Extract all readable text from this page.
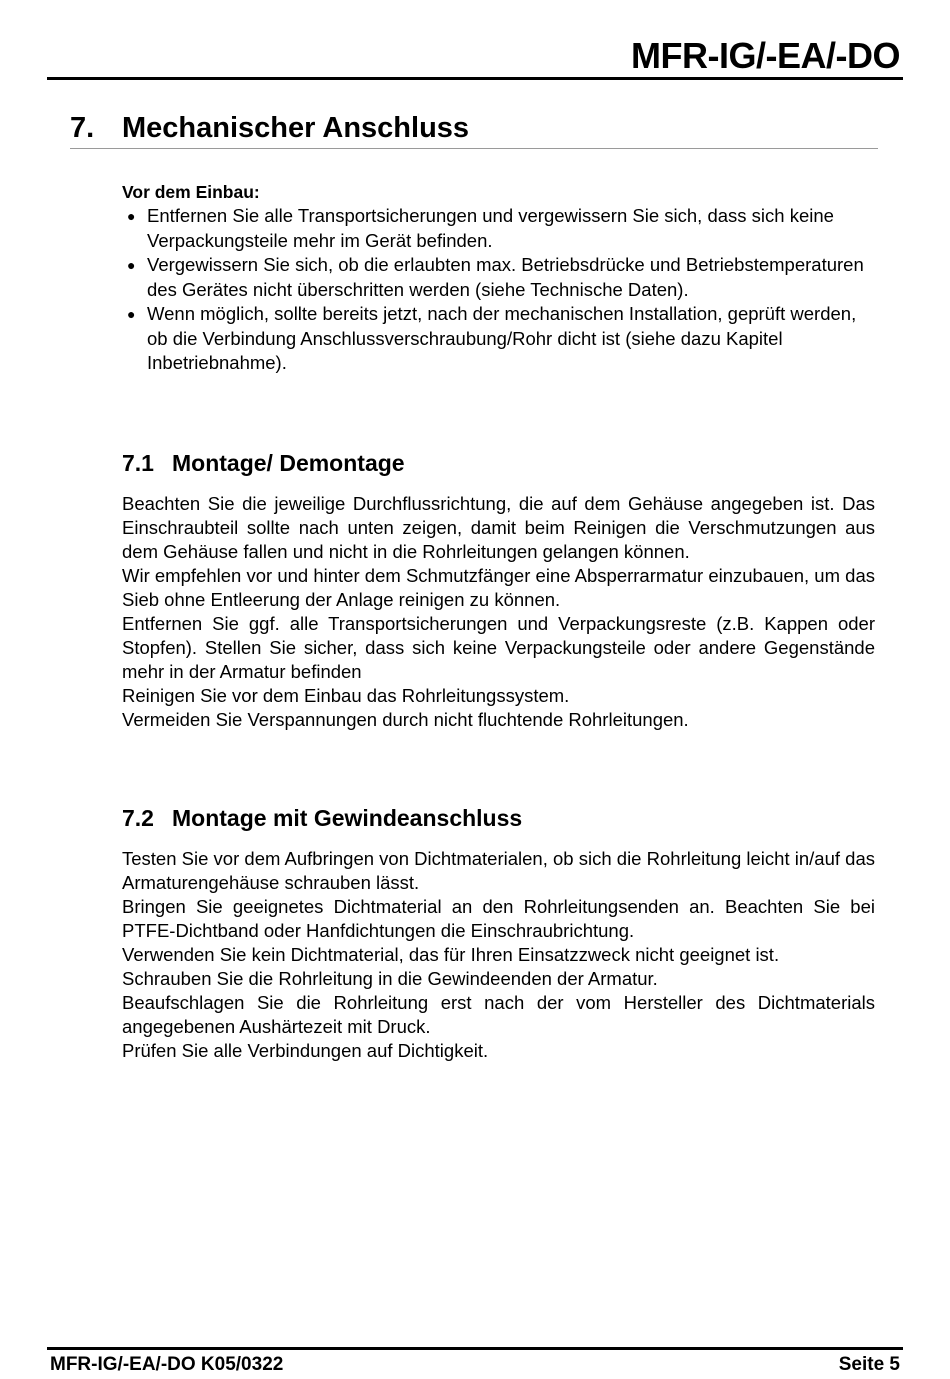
MFR-IG/-EA/-DO
7. Mechanischer Anschluss
Vor dem Einbau:
● Entfernen Sie alle Transportsicherungen und vergewissern Sie sich, dass sich keine Verpackungsteile mehr im Gerät befinden.
● Vergewissern Sie sich, ob die erlaubten max. Betriebsdrücke und Betriebstemperaturen des Gerätes nicht überschritten werden (siehe Technische Daten).
● Wenn möglich, sollte bereits jetzt, nach der mechanischen Installation, geprüft werden, ob die Verbindung Anschlussverschraubung/Rohr dicht ist (siehe dazu Kapitel Inbetriebnahme).
7.1 Montage/ Demontage

Beachten Sie die jeweilige Durchflussrichtung, die auf dem Gehäuse angegeben ist. Das Einschraubteil sollte nach unten zeigen, damit beim Reinigen die Verschmutzungen aus dem Gehäuse fallen und nicht in die Rohrleitungen gelangen können.

Wir empfehlen vor und hinter dem Schmutzfänger eine Absperrarmatur einzubauen, um das Sieb ohne Entleerung der Anlage reinigen zu können.

Entfernen Sie ggf. alle Transportsicherungen und Verpackungsreste (z.B. Kappen oder Stopfen). Stellen Sie sicher, dass sich keine Verpackungsteile oder andere Gegenstände mehr in der Armatur befinden

Reinigen Sie vor dem Einbau das Rohrleitungssystem.

Vermeiden Sie Verspannungen durch nicht fluchtende Rohrleitungen.

7.2 Montage mit Gewindeanschluss

Testen Sie vor dem Aufbringen von Dichtmaterialen, ob sich die Rohrleitung leicht in/auf das Armaturengehäuse schrauben lässt.

Bringen Sie geeignetes Dichtmaterial an den Rohrleitungsenden an. Beachten Sie bei PTFE-Dichtband oder Hanfdichtungen die Einschraubrichtung.

Verwenden Sie kein Dichtmaterial, das für Ihren Einsatzzweck nicht geeignet ist.

Schrauben Sie die Rohrleitung in die Gewindeenden der Armatur.

Beaufschlagen Sie die Rohrleitung erst nach der vom Hersteller des Dichtmaterials angegebenen Aushärtezeit mit Druck.

Prüfen Sie alle Verbindungen auf Dichtigkeit.

MFR-IG/-EA/-DO K05/0322	Seite 5
